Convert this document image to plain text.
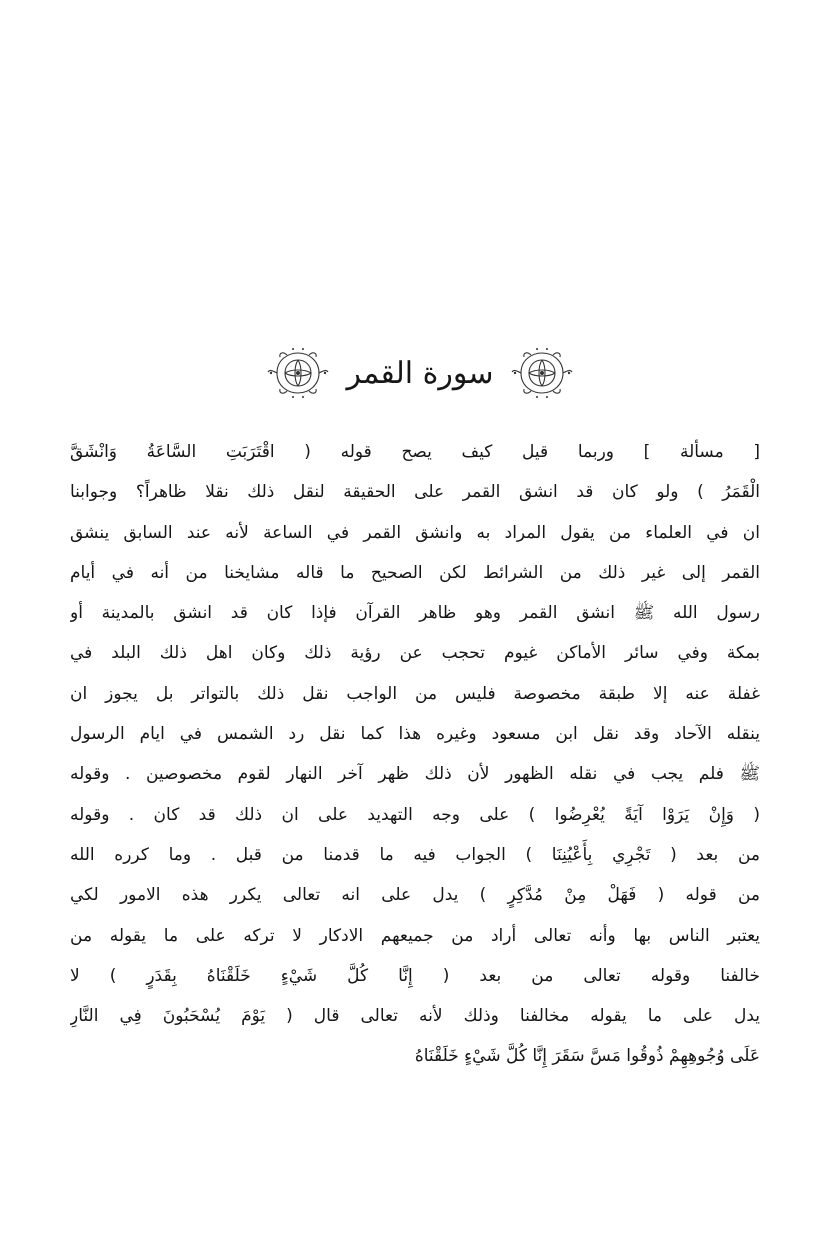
سورة القمر
[ مسألة ] وربما قيل كيف يصح قوله ( اقْتَرَبَتِ السَّاعَةُ وَانْشَقَّ
الْقَمَرُ ) ولو كان قد انشق القمر على الحقيقة لنقل ذلك نقلا ظاهراً؟ وجوابنا
ان في العلماء من يقول المراد به وانشق القمر في الساعة لأنه عند السابق ينشق
القمر إلى غير ذلك من الشرائط لكن الصحيح ما قاله مشايخنا من أنه في أيام
رسول الله ﷺ انشق القمر وهو ظاهر القرآن فإذا كان قد انشق بالمدينة أو
بمكة وفي سائر الأماكن غيوم تحجب عن رؤية ذلك وكان اهل ذلك البلد في
غفلة عنه إلا طبقة مخصوصة فليس من الواجب نقل ذلك بالتواتر بل يجوز ان
ينقله الآحاد وقد نقل ابن مسعود وغيره هذا كما نقل رد الشمس في ايام الرسول
ﷺ فلم يجب في نقله الظهور لأن ذلك ظهر آخر النهار لقوم مخصوصين . وقوله
( وَإِنْ يَرَوْا آيَةً يُعْرِضُوا ) على وجه التهديد على ان ذلك قد كان . وقوله
من بعد ( تَجْرِي بِأَعْيُنِنَا ) الجواب فيه ما قدمنا من قبل . وما كرره الله
من قوله ( فَهَلْ مِنْ مُدَّكِرٍ ) يدل على انه تعالى يكرر هذه الامور لكي
يعتبر الناس بها وأنه تعالى أراد من جميعهم الادكار لا تركه على ما يقوله من
خالفنا وقوله تعالى من بعد ( إِنَّا كُلَّ شَيْءٍ خَلَقْنَاهُ بِقَدَرٍ ) لا
يدل على ما يقوله مخالفنا وذلك لأنه تعالى قال ( يَوْمَ يُسْحَبُونَ فِي النَّارِ
عَلَى وُجُوهِهِمْ ذُوقُوا مَسَّ سَقَرَ إِنَّا كُلَّ شَيْءٍ خَلَقْنَاهُ
